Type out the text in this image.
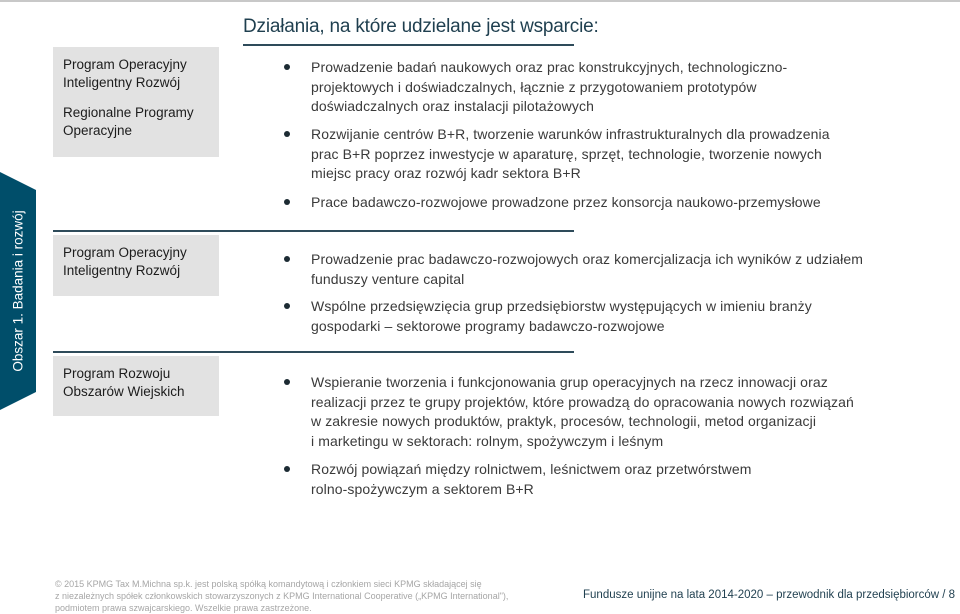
Działania, na które udzielane jest wsparcie:
Obszar 1. Badania i rozwój
Program Operacyjny
Inteligentny Rozwój
Regionalne Programy
Operacyjne
Prowadzenie badań naukowych oraz prac konstrukcyjnych, technologiczno-
projektowych i doświadczalnych, łącznie z przygotowaniem prototypów
doświadczalnych oraz instalacji pilotażowych
Rozwijanie centrów B+R, tworzenie warunków infrastrukturalnych dla prowadzenia
prac B+R poprzez inwestycje w aparaturę, sprzęt, technologie, tworzenie nowych
miejsc pracy oraz rozwój kadr sektora B+R
Prace badawczo-rozwojowe prowadzone przez konsorcja naukowo-przemysłowe
Program Operacyjny
Inteligentny Rozwój
Prowadzenie prac badawczo-rozwojowych oraz komercjalizacja ich wyników z udziałem
funduszy venture capital
Wspólne przedsięwzięcia grup przedsiębiorstw występujących w imieniu branży
gospodarki – sektorowe programy badawczo-rozwojowe
Program Rozwoju
Obszarów Wiejskich
Wspieranie tworzenia i funkcjonowania grup operacyjnych na rzecz innowacji oraz
realizacji przez te grupy projektów, które prowadzą do opracowania nowych rozwiązań
w zakresie nowych produktów, praktyk, procesów, technologii, metod organizacji
i marketingu w sektorach: rolnym, spożywczym i leśnym
Rozwój powiązań między rolnictwem, leśnictwem oraz przetwórstwem
rolno-spożywczym a sektorem B+R
© 2015 KPMG Tax M.Michna sp.k. jest polską spółką komandytową i członkiem sieci KPMG składającej się
z niezależnych spółek członkowskich stowarzyszonych z KPMG International Cooperative („KPMG International"),
podmiotem prawa szwajcarskiego. Wszelkie prawa zastrzeżone.
Fundusze unijne na lata 2014-2020 – przewodnik dla przedsiębiorców / 8
